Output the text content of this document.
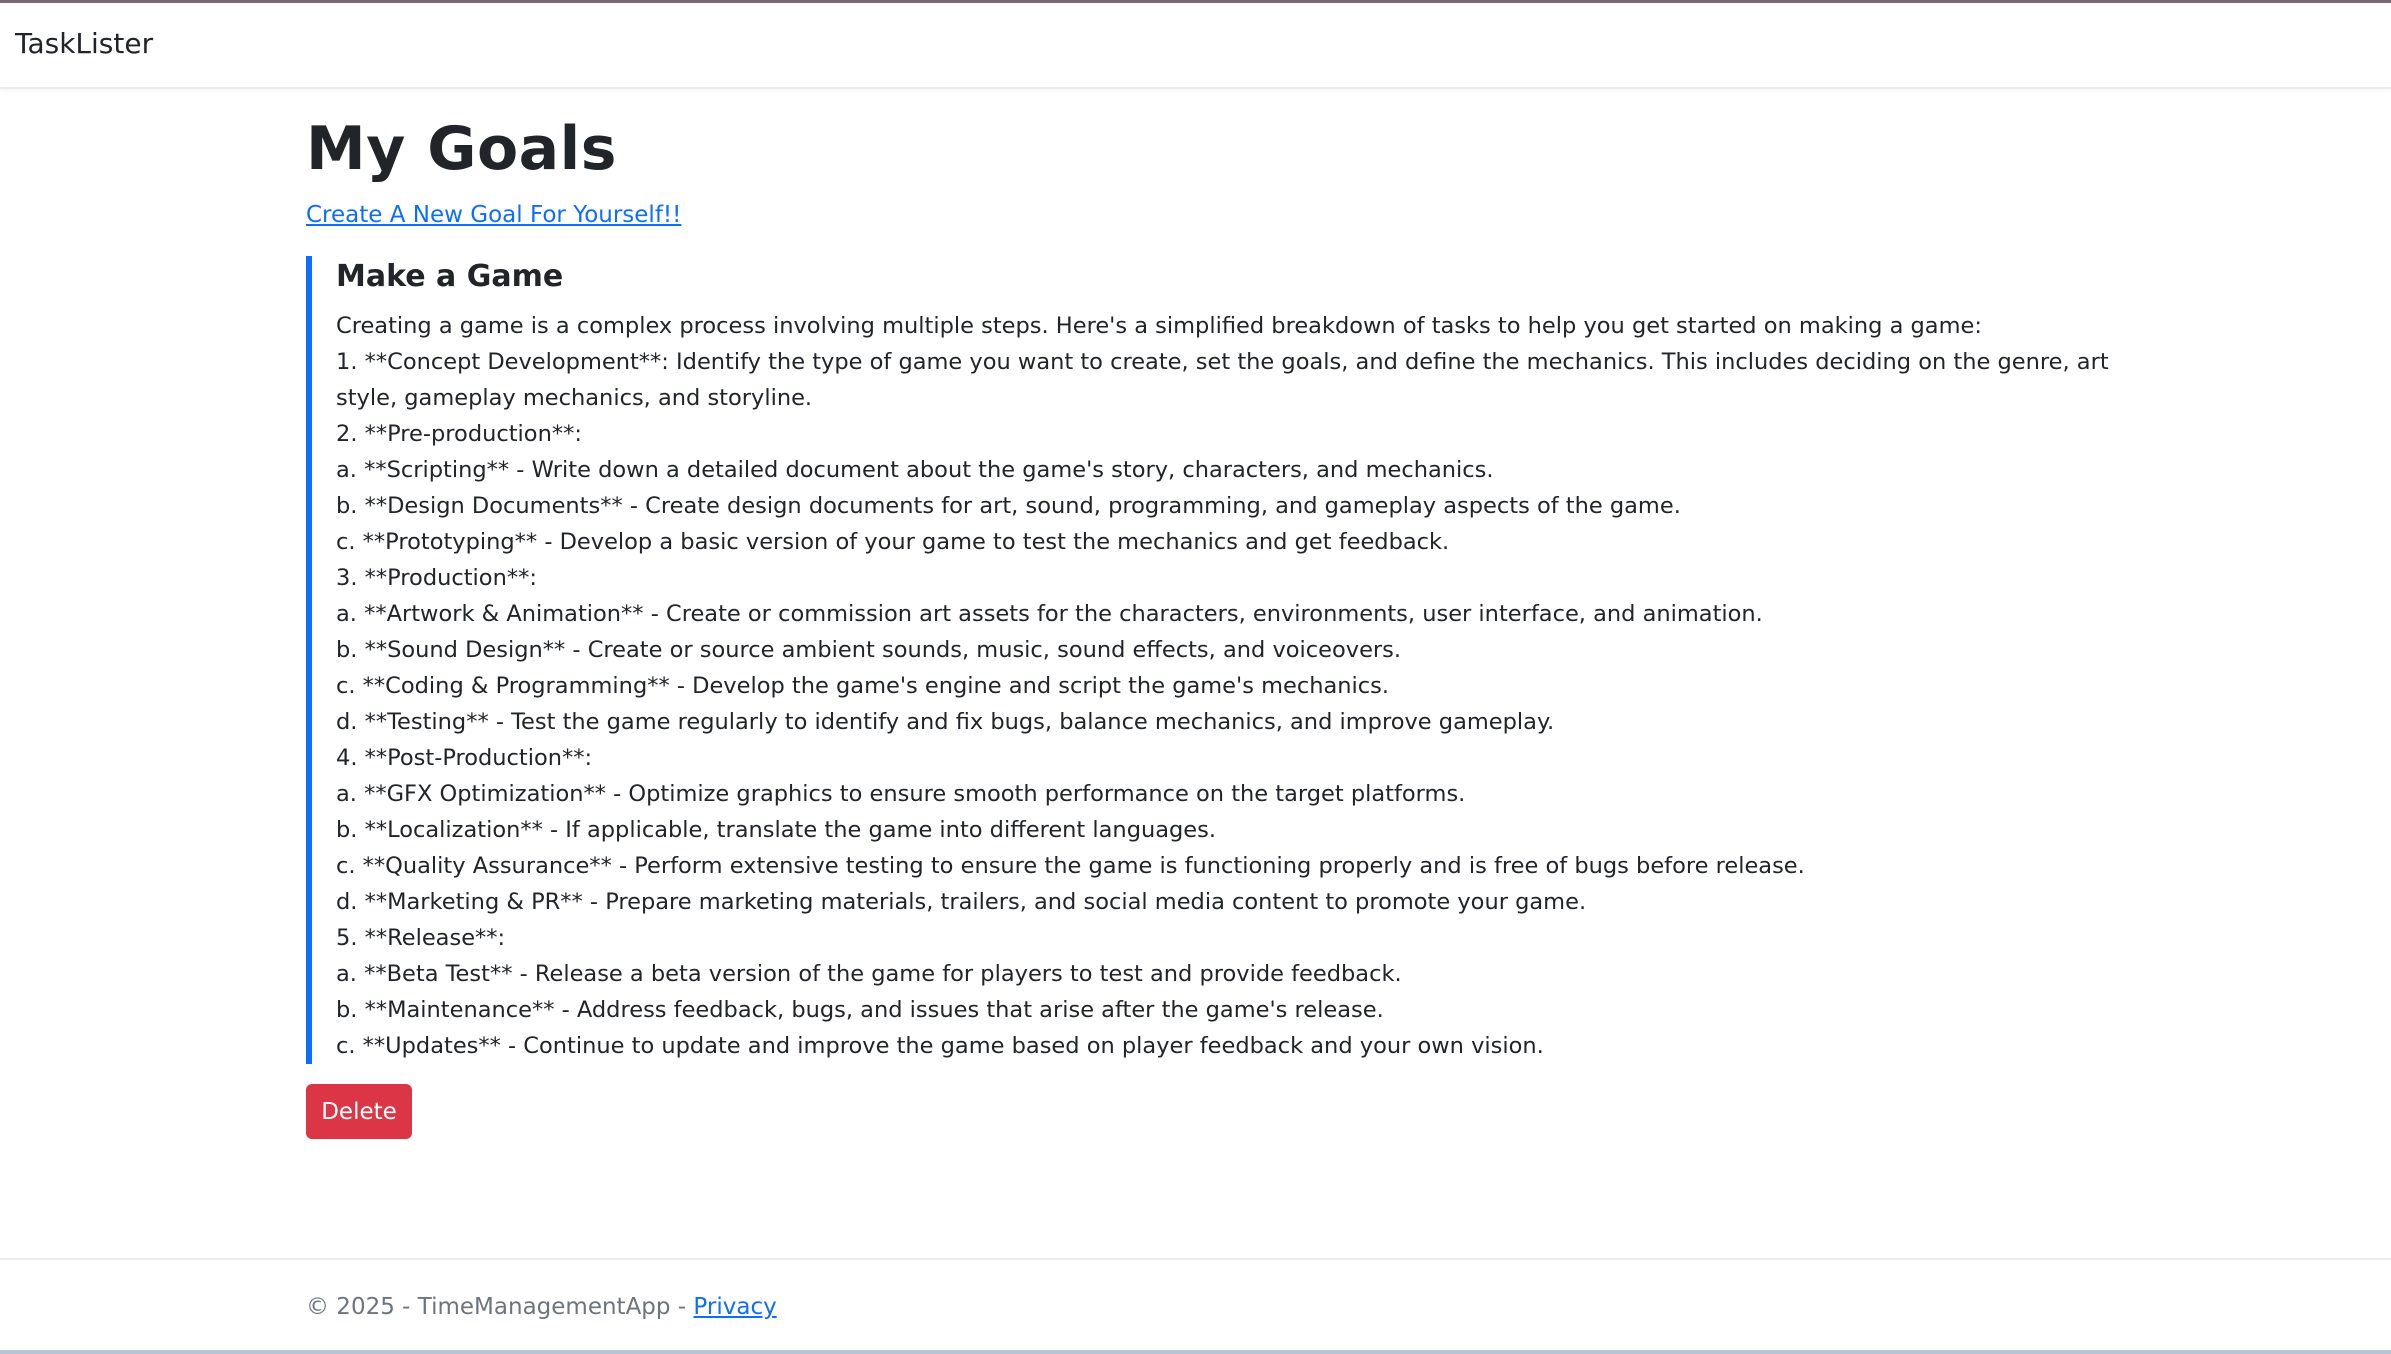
TaskLister
My Goals
Create A New Goal For Yourself!!
Make a Game
Creating a game is a complex process involving multiple steps. Here's a simplified breakdown of tasks to help you get started on making a game:
1. **Concept Development**: Identify the type of game you want to create, set the goals, and define the mechanics. This includes deciding on the genre, art style, gameplay mechanics, and storyline.
2. **Pre-production**:
a. **Scripting** - Write down a detailed document about the game's story, characters, and mechanics.
b. **Design Documents** - Create design documents for art, sound, programming, and gameplay aspects of the game.
c. **Prototyping** - Develop a basic version of your game to test the mechanics and get feedback.
3. **Production**:
a. **Artwork & Animation** - Create or commission art assets for the characters, environments, user interface, and animation.
b. **Sound Design** - Create or source ambient sounds, music, sound effects, and voiceovers.
c. **Coding & Programming** - Develop the game's engine and script the game's mechanics.
d. **Testing** - Test the game regularly to identify and fix bugs, balance mechanics, and improve gameplay.
4. **Post-Production**:
a. **GFX Optimization** - Optimize graphics to ensure smooth performance on the target platforms.
b. **Localization** - If applicable, translate the game into different languages.
c. **Quality Assurance** - Perform extensive testing to ensure the game is functioning properly and is free of bugs before release.
d. **Marketing & PR** - Prepare marketing materials, trailers, and social media content to promote your game.
5. **Release**:
a. **Beta Test** - Release a beta version of the game for players to test and provide feedback.
b. **Maintenance** - Address feedback, bugs, and issues that arise after the game's release.
c. **Updates** - Continue to update and improve the game based on player feedback and your own vision.
Delete
© 2025 - TimeManagementApp - Privacy
